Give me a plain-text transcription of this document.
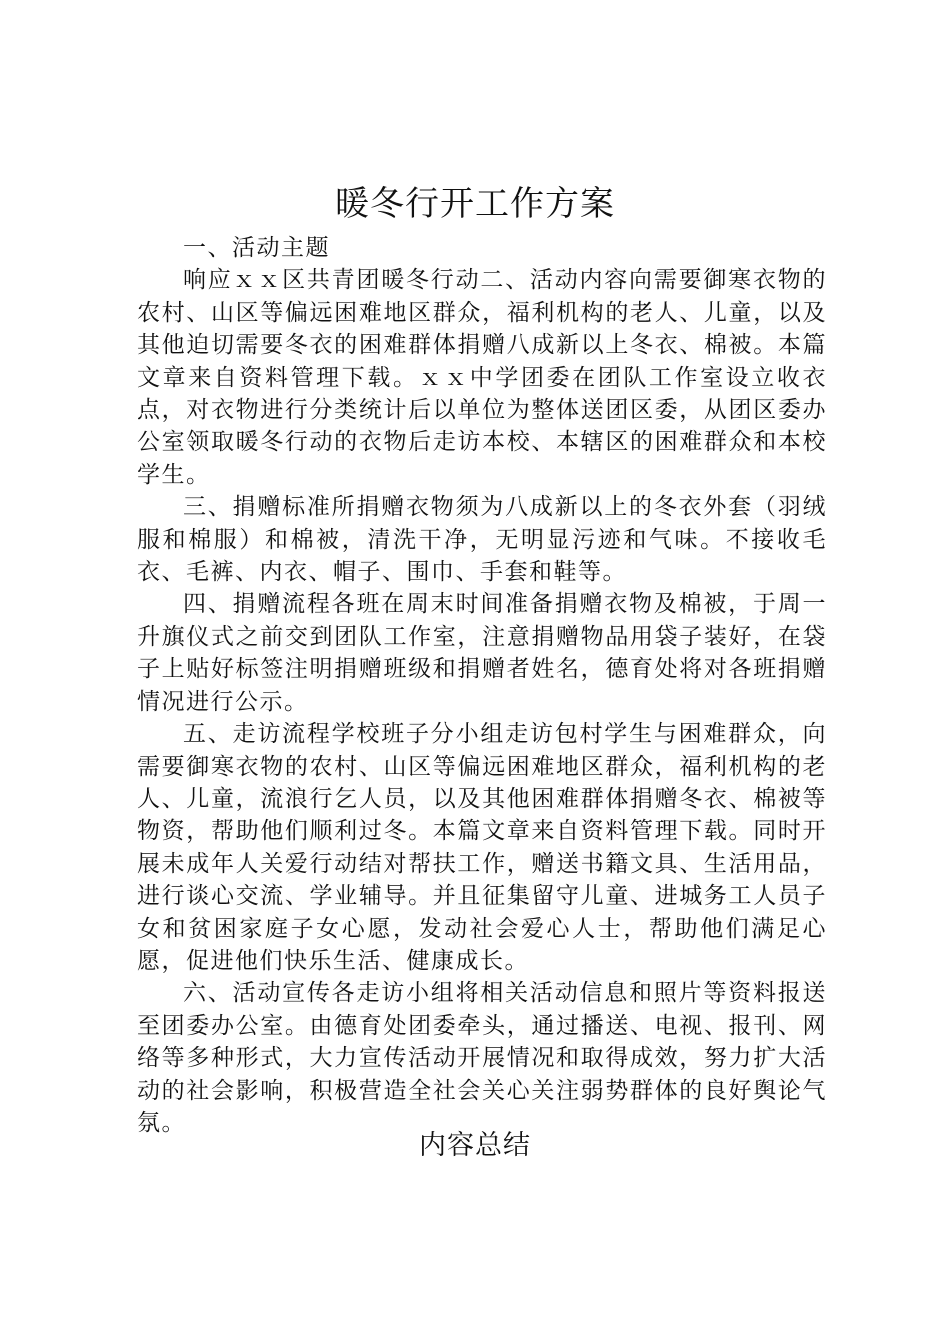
暖冬行开工作方案

一、活动主题

响应ｘｘ区共青团暖冬行动二、活动内容向需要御寒衣物的农村、山区等偏远困难地区群众，福利机构的老人、儿童，以及其他迫切需要冬衣的困难群体捐赠八成新以上冬衣、棉被。本篇文章来自资料管理下载。ｘｘ中学团委在团队工作室设立收衣点，对衣物进行分类统计后以单位为整体送团区委，从团区委办公室领取暖冬行动的衣物后走访本校、本辖区的困难群众和本校学生。

三、捐赠标准所捐赠衣物须为八成新以上的冬衣外套（羽绒服和棉服）和棉被，清洗干净，无明显污迹和气味。不接收毛衣、毛裤、内衣、帽子、围巾、手套和鞋等。

四、捐赠流程各班在周末时间准备捐赠衣物及棉被，于周一升旗仪式之前交到团队工作室，注意捐赠物品用袋子装好，在袋子上贴好标签注明捐赠班级和捐赠者姓名，德育处将对各班捐赠情况进行公示。

五、走访流程学校班子分小组走访包村学生与困难群众，向需要御寒衣物的农村、山区等偏远困难地区群众，福利机构的老人、儿童，流浪行乞人员，以及其他困难群体捐赠冬衣、棉被等物资，帮助他们顺利过冬。本篇文章来自资料管理下载。同时开展未成年人关爱行动结对帮扶工作，赠送书籍文具、生活用品，进行谈心交流、学业辅导。并且征集留守儿童、进城务工人员子女和贫困家庭子女心愿，发动社会爱心人士，帮助他们满足心愿，促进他们快乐生活、健康成长。

六、活动宣传各走访小组将相关活动信息和照片等资料报送至团委办公室。由德育处团委牵头，通过播送、电视、报刊、网络等多种形式，大力宣传活动开展情况和取得成效，努力扩大活动的社会影响，积极营造全社会关心关注弱势群体的良好舆论气氛。

内容总结
